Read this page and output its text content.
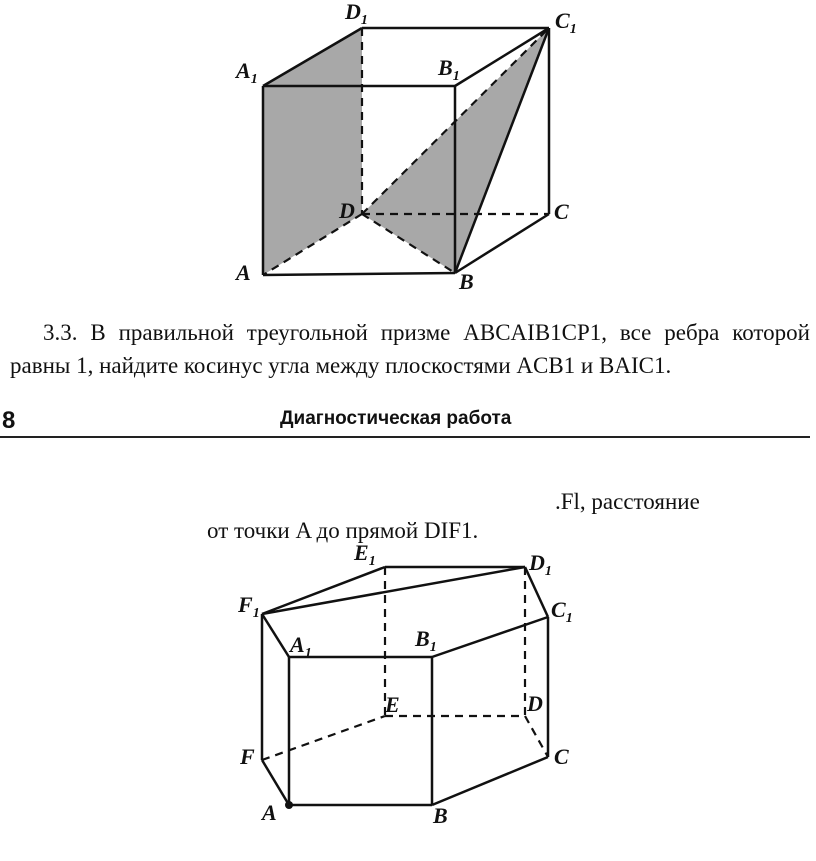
A	B
C
D
$A_1$	$B_1$
$C_1$
$D_1$
3.3. В правильной треугольной призме ABCAIB1CP1, все ребра которой равны 1, найдите косинус угла между плоскостями ACB1 и BAIC1.
8	Диагностическая работа
.Fl, расстояние
от точки A до прямой DIF1.
A	B
C
D
E
F
$A_1$
$B_1$
$C_1$
$D_1$
$E_1$
$F_1$
